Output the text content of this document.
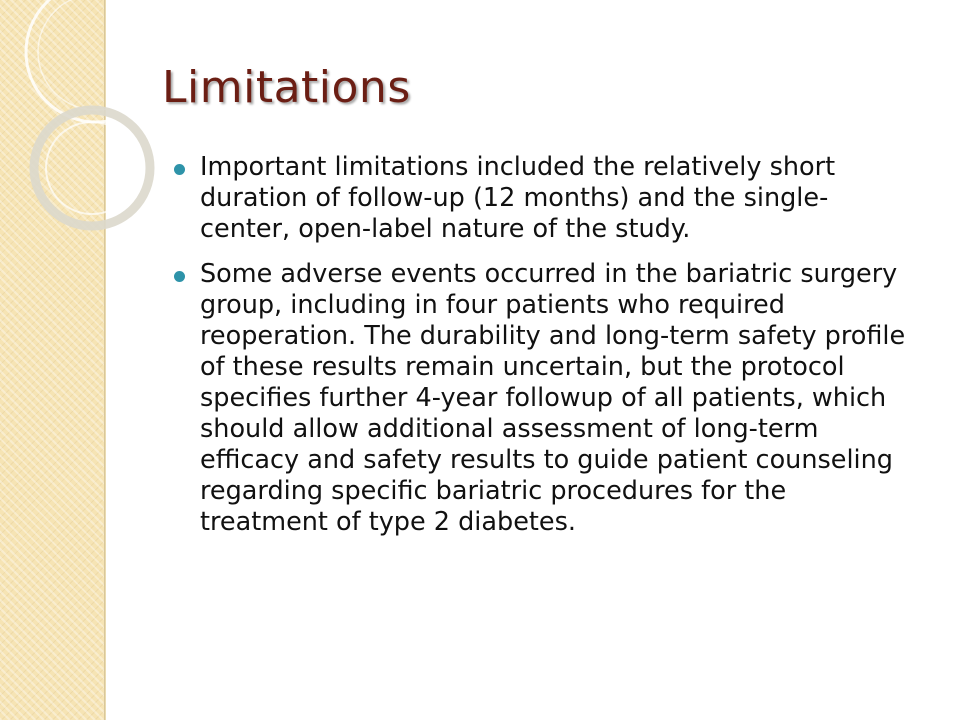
Limitations
Important limitations included the relatively short duration of follow-up (12 months) and the single-center, open-label nature of the study.
Some adverse events occurred in the bariatric surgery group, including in four patients who required reoperation. The durability and long-term safety profile of these results remain uncertain, but the protocol specifies further 4-year followup of all patients, which should allow additional assessment of long-term efficacy and safety results to guide patient counseling regarding specific bariatric procedures for the treatment of type 2 diabetes.
